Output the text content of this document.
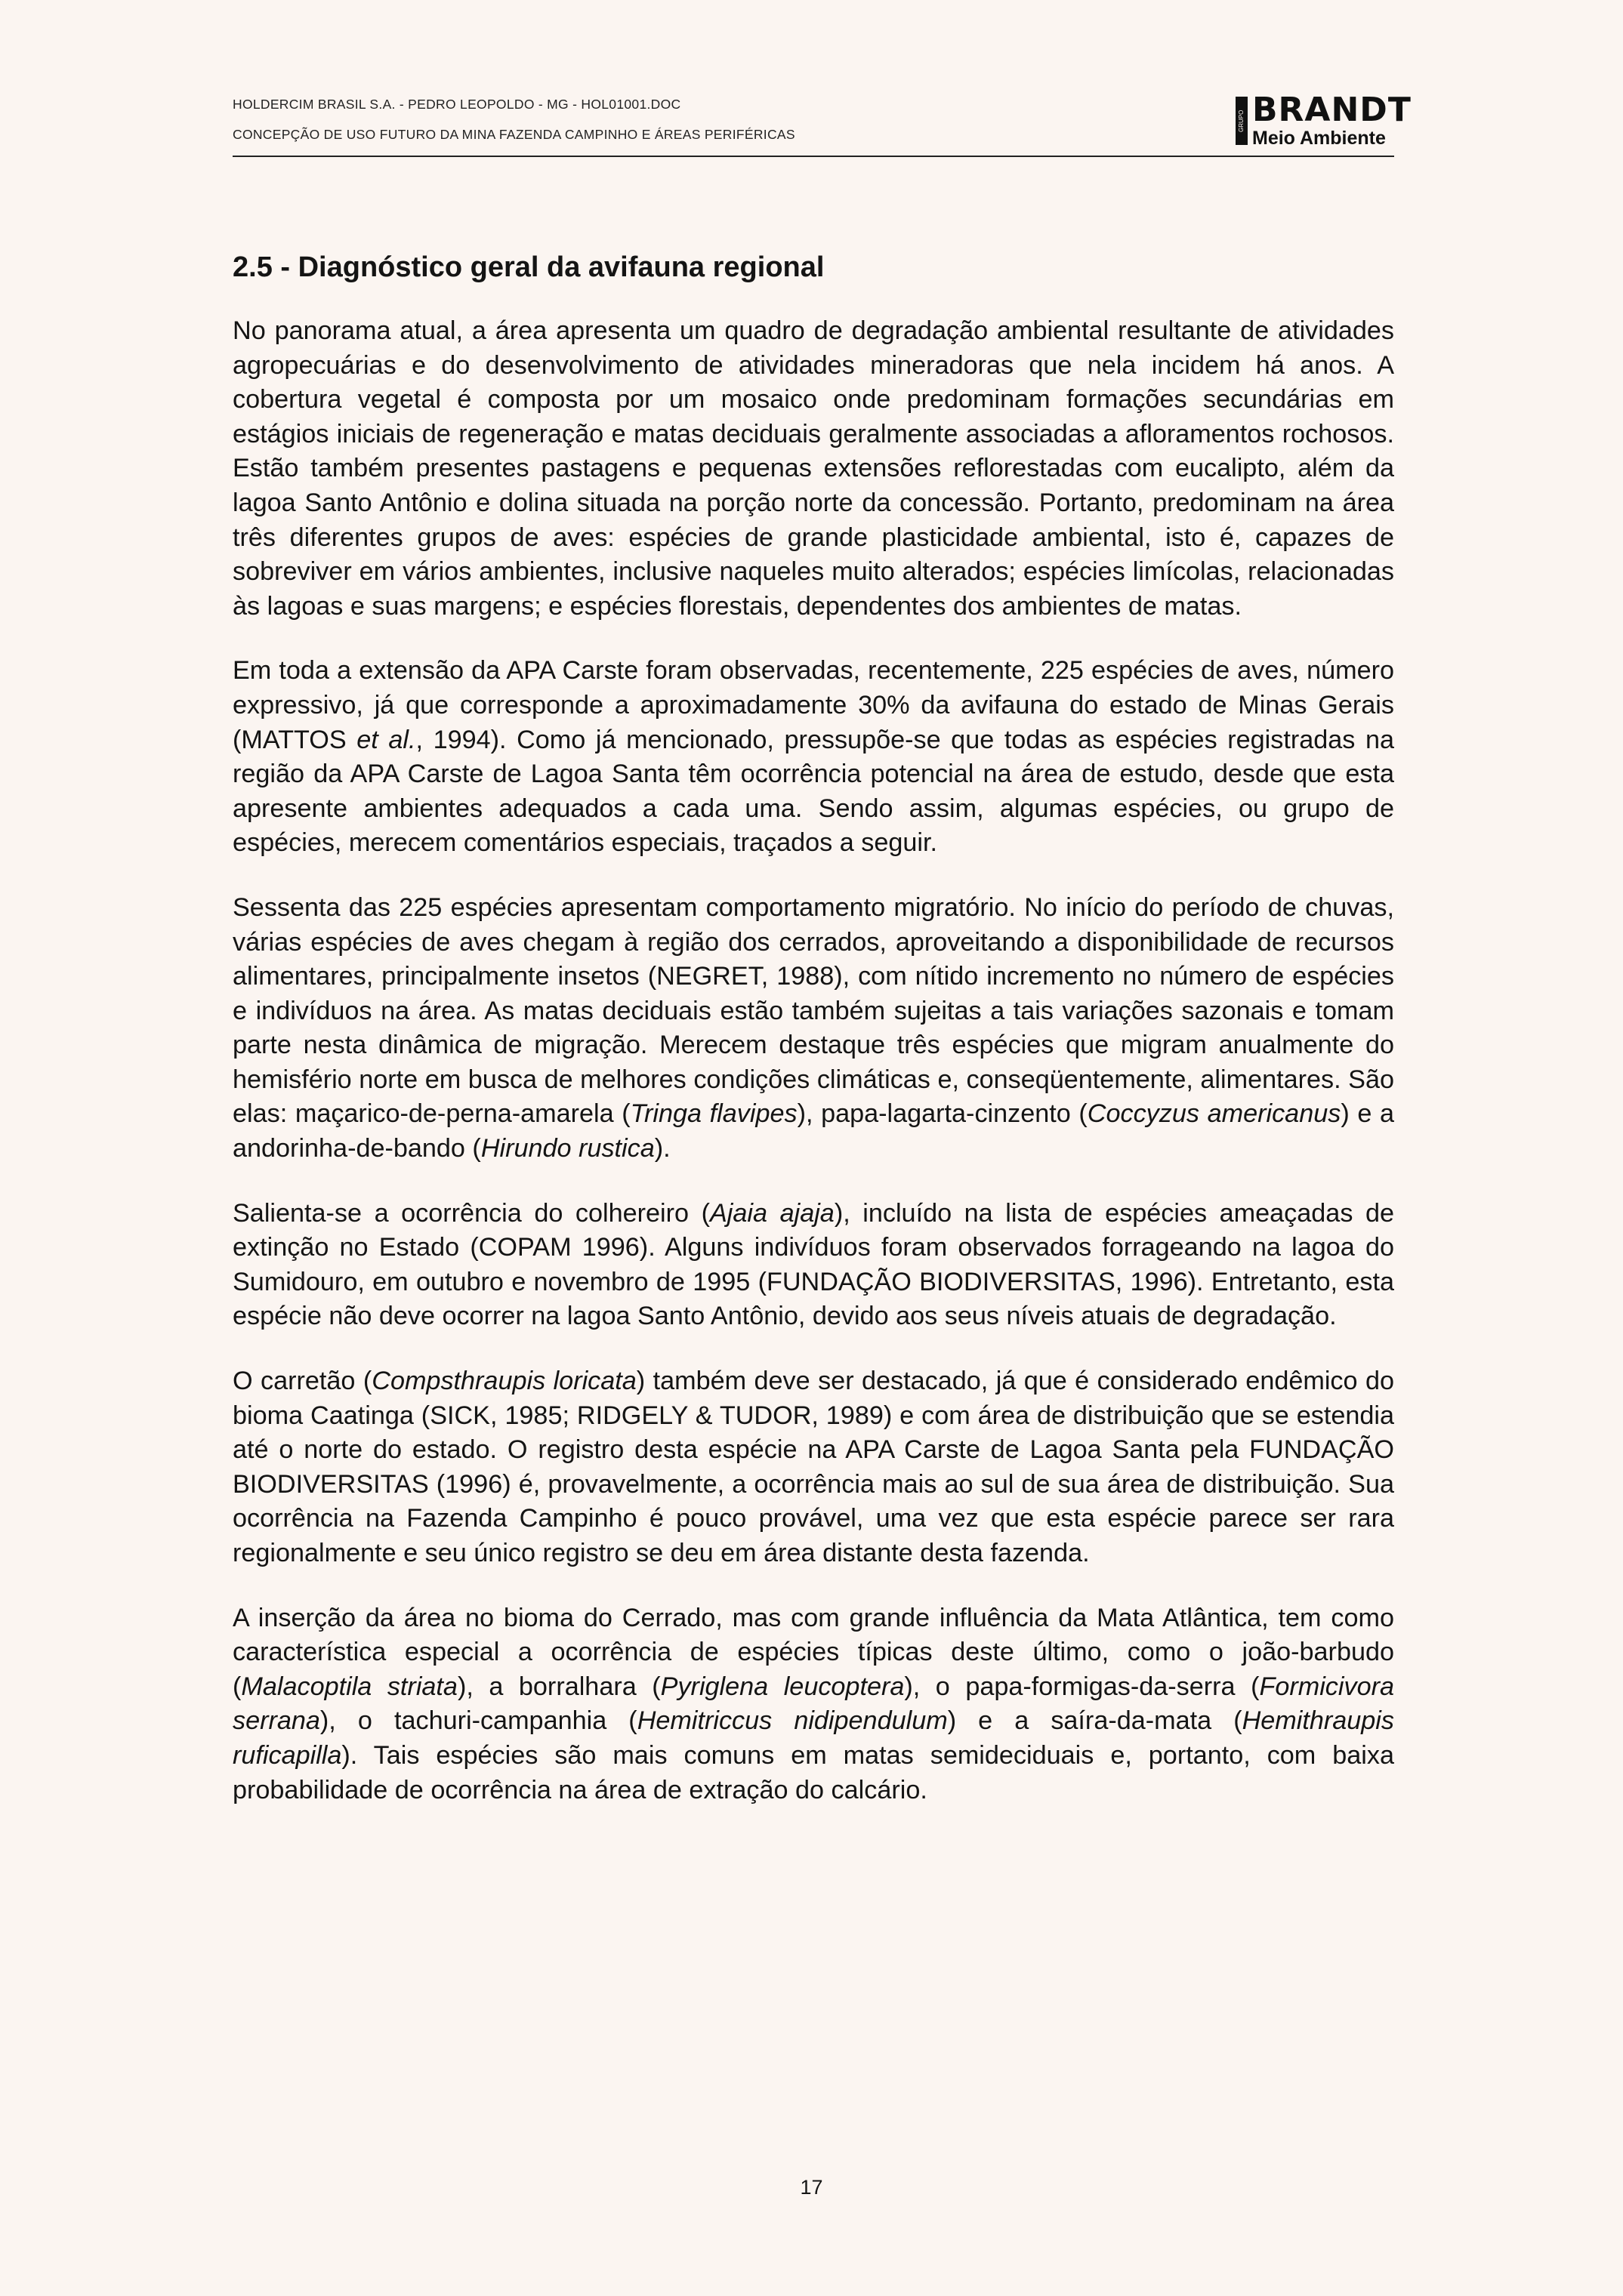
HOLDERCIM BRASIL S.A. - PEDRO LEOPOLDO - MG - HOL01001.DOC
CONCEPÇÃO DE USO FUTURO DA MINA FAZENDA CAMPINHO E ÁREAS PERIFÉRICAS
GRUPO BRANDT
Meio Ambiente
2.5 - Diagnóstico geral da avifauna regional

No panorama atual, a área apresenta um quadro de degradação ambiental resultante de atividades agropecuárias e do desenvolvimento de atividades mineradoras que nela incidem há anos. A cobertura vegetal é composta por um mosaico onde predominam formações secundárias em estágios iniciais de regeneração e matas deciduais geralmente associadas a afloramentos rochosos. Estão também presentes pastagens e pequenas extensões reflorestadas com eucalipto, além da lagoa Santo Antônio e dolina situada na porção norte da concessão. Portanto, predominam na área três diferentes grupos de aves: espécies de grande plasticidade ambiental, isto é, capazes de sobreviver em vários ambientes, inclusive naqueles muito alterados; espécies limícolas, relacionadas às lagoas e suas margens; e espécies florestais, dependentes dos ambientes de matas.

Em toda a extensão da APA Carste foram observadas, recentemente, 225 espécies de aves, número expressivo, já que corresponde a aproximadamente 30% da avifauna do estado de Minas Gerais (MATTOS et al., 1994). Como já mencionado, pressupõe-se que todas as espécies registradas na região da APA Carste de Lagoa Santa têm ocorrência potencial na área de estudo, desde que esta apresente ambientes adequados a cada uma. Sendo assim, algumas espécies, ou grupo de espécies, merecem comentários especiais, traçados a seguir.

Sessenta das 225 espécies apresentam comportamento migratório. No início do período de chuvas, várias espécies de aves chegam à região dos cerrados, aproveitando a disponibilidade de recursos alimentares, principalmente insetos (NEGRET, 1988), com nítido incremento no número de espécies e indivíduos na área. As matas deciduais estão também sujeitas a tais variações sazonais e tomam parte nesta dinâmica de migração. Merecem destaque três espécies que migram anualmente do hemisfério norte em busca de melhores condições climáticas e, conseqüentemente, alimentares. São elas: maçarico-de-perna-amarela (Tringa flavipes), papa-lagarta-cinzento (Coccyzus americanus) e a andorinha-de-bando (Hirundo rustica).

Salienta-se a ocorrência do colhereiro (Ajaia ajaja), incluído na lista de espécies ameaçadas de extinção no Estado (COPAM 1996). Alguns indivíduos foram observados forrageando na lagoa do Sumidouro, em outubro e novembro de 1995 (FUNDAÇÃO BIODIVERSITAS, 1996). Entretanto, esta espécie não deve ocorrer na lagoa Santo Antônio, devido aos seus níveis atuais de degradação.

O carretão (Compsthraupis loricata) também deve ser destacado, já que é considerado endêmico do bioma Caatinga (SICK, 1985; RIDGELY & TUDOR, 1989) e com área de distribuição que se estendia até o norte do estado. O registro desta espécie na APA Carste de Lagoa Santa pela FUNDAÇÃO BIODIVERSITAS (1996) é, provavelmente, a ocorrência mais ao sul de sua área de distribuição. Sua ocorrência na Fazenda Campinho é pouco provável, uma vez que esta espécie parece ser rara regionalmente e seu único registro se deu em área distante desta fazenda.

A inserção da área no bioma do Cerrado, mas com grande influência da Mata Atlântica, tem como característica especial a ocorrência de espécies típicas deste último, como o joão-barbudo (Malacoptila striata), a borralhara (Pyriglena leucoptera), o papa-formigas-da-serra (Formicivora serrana), o tachuri-campanhia (Hemitriccus nidipendulum) e a saíra-da-mata (Hemithraupis ruficapilla). Tais espécies são mais comuns em matas semideciduais e, portanto, com baixa probabilidade de ocorrência na área de extração do calcário.

17
